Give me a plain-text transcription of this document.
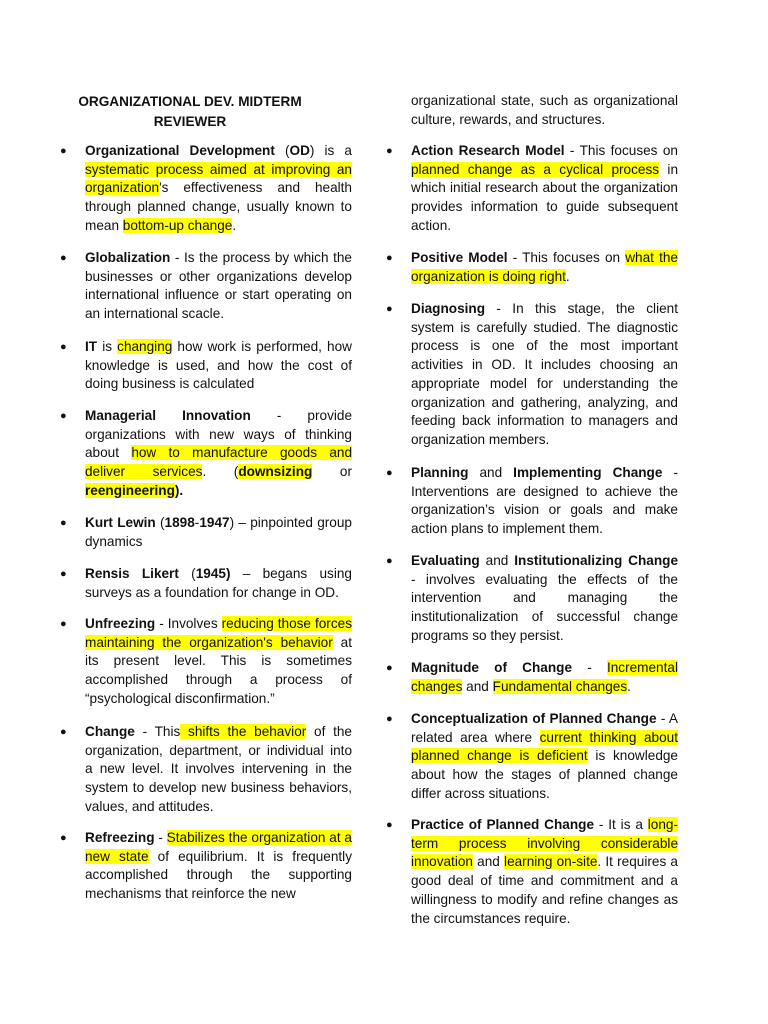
ORGANIZATIONAL DEV. MIDTERM
REVIEWER
● Organizational Development (OD) is a systematic process aimed at improving an organization's effectiveness and health through planned change, usually known to mean bottom-up change.

● Globalization - Is the process by which the businesses or other organizations develop international influence or start operating on an international scacle.

● IT is changing how work is performed, how knowledge is used, and how the cost of doing business is calculated

● Managerial Innovation - provide organizations with new ways of thinking about how to manufacture goods and deliver services. (downsizing or reengineering).

● Kurt Lewin (1898-1947) – pinpointed group dynamics

● Rensis Likert (1945) – begans using surveys as a foundation for change in OD.

● Unfreezing - Involves reducing those forces maintaining the organization's behavior at its present level. This is sometimes accomplished through a process of “psychological disconfirmation.”

● Change - This shifts the behavior of the organization, department, or individual into a new level. It involves intervening in the system to develop new business behaviors, values, and attitudes.

● Refreezing - Stabilizes the organization at a new state of equilibrium. It is frequently accomplished through the supporting mechanisms that reinforce the new

organizational state, such as organizational culture, rewards, and structures.

● Action Research Model - This focuses on planned change as a cyclical process in which initial research about the organization provides information to guide subsequent action.

● Positive Model - This focuses on what the organization is doing right.

● Diagnosing - In this stage, the client system is carefully studied. The diagnostic process is one of the most important activities in OD. It includes choosing an appropriate model for understanding the organization and gathering, analyzing, and feeding back information to managers and organization members.

● Planning and Implementing Change - Interventions are designed to achieve the organization’s vision or goals and make action plans to implement them.

● Evaluating and Institutionalizing Change - involves evaluating the effects of the intervention and managing the institutionalization of successful change programs so they persist.

● Magnitude of Change - Incremental changes and Fundamental changes.

● Conceptualization of Planned Change - A related area where current thinking about planned change is deficient is knowledge about how the stages of planned change differ across situations.

● Practice of Planned Change - It is a long-term process involving considerable innovation and learning on-site. It requires a good deal of time and commitment and a willingness to modify and refine changes as the circumstances require.
